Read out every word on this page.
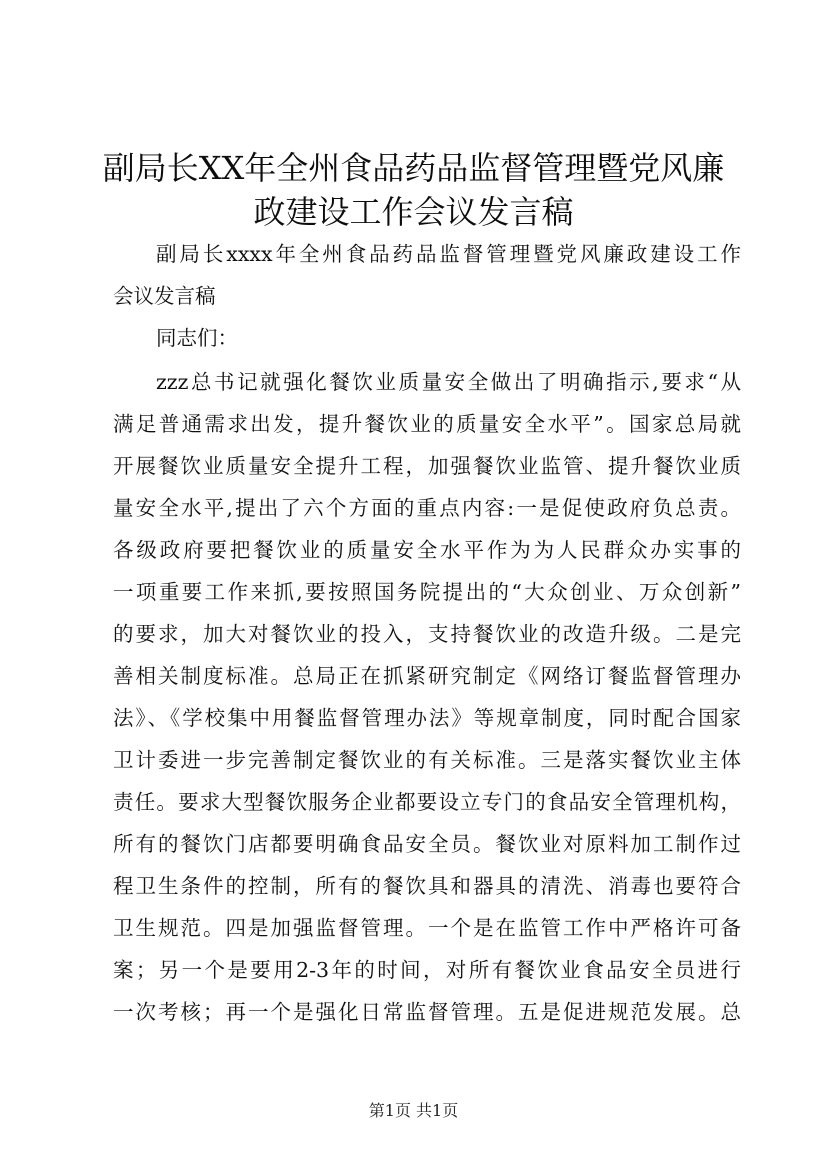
副局长XX年全州食品药品监督管理暨党风廉
政建设工作会议发言稿
副局长xxxx年全州食品药品监督管理暨党风廉政建设工作
会议发言稿
同志们：
zzz总书记就强化餐饮业质量安全做出了明确指示,要求“从
满足普通需求出发，提升餐饮业的质量安全水平”。国家总局就
开展餐饮业质量安全提升工程，加强餐饮业监管、提升餐饮业质
量安全水平,提出了六个方面的重点内容:一是促使政府负总责。
各级政府要把餐饮业的质量安全水平作为为人民群众办实事的
一项重要工作来抓,要按照国务院提出的“大众创业、万众创新”
的要求，加大对餐饮业的投入，支持餐饮业的改造升级。二是完
善相关制度标准。总局正在抓紧研究制定《网络订餐监督管理办
法》、《学校集中用餐监督管理办法》等规章制度，同时配合国家
卫计委进一步完善制定餐饮业的有关标准。三是落实餐饮业主体
责任。要求大型餐饮服务企业都要设立专门的食品安全管理机构，
所有的餐饮门店都要明确食品安全员。餐饮业对原料加工制作过
程卫生条件的控制，所有的餐饮具和器具的清洗、消毒也要符合
卫生规范。四是加强监督管理。一个是在监管工作中严格许可备
案；另一个是要用2-3年的时间，对所有餐饮业食品安全员进行
一次考核；再一个是强化日常监督管理。五是促进规范发展。总
第1页 共1页
